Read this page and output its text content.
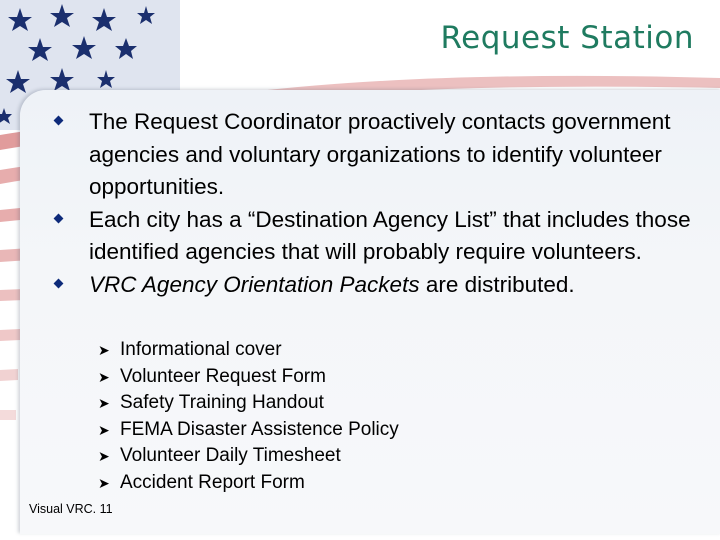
Request Station
The Request Coordinator proactively contacts government agencies and voluntary organizations to identify volunteer opportunities.
Each city has a “Destination Agency List” that includes those identified agencies that will probably require volunteers.
VRC Agency Orientation Packets are distributed.
➤ Informational cover
➤ Volunteer Request Form
➤ Safety Training Handout
➤ FEMA Disaster Assistence Policy
➤ Volunteer Daily Timesheet
➤ Accident Report Form
Visual VRC. 11
